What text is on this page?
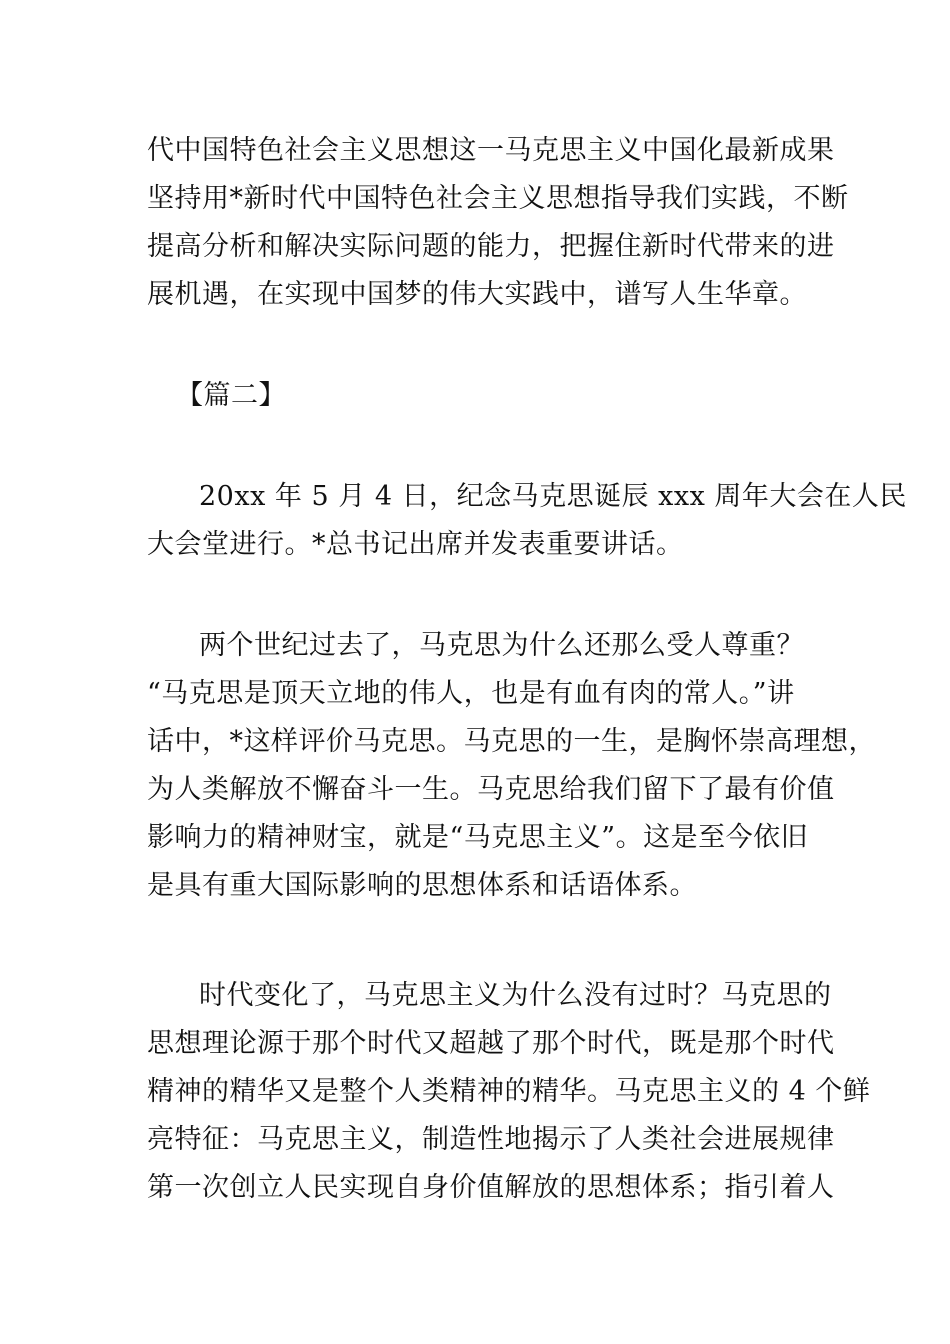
代中国特色社会主义思想这一马克思主义中国化最新成果
坚持用*新时代中国特色社会主义思想指导我们实践，不断
提高分析和解决实际问题的能力，把握住新时代带来的进
展机遇，在实现中国梦的伟大实践中，谱写人生华章。
【篇二】
20xx 年 5 月 4 日，纪念马克思诞辰 xxx 周年大会在人民
大会堂进行。*总书记出席并发表重要讲话。
两个世纪过去了，马克思为什么还那么受人尊重？
“马克思是顶天立地的伟人，也是有血有肉的常人。”讲
话中，*这样评价马克思。马克思的一生，是胸怀崇高理想，
为人类解放不懈奋斗一生。马克思给我们留下了最有价值
影响力的精神财宝，就是“马克思主义”。这是至今依旧
是具有重大国际影响的思想体系和话语体系。
时代变化了，马克思主义为什么没有过时？马克思的
思想理论源于那个时代又超越了那个时代，既是那个时代
精神的精华又是整个人类精神的精华。马克思主义的 4 个鲜
亮特征：马克思主义，制造性地揭示了人类社会进展规律
第一次创立人民实现自身价值解放的思想体系；指引着人
